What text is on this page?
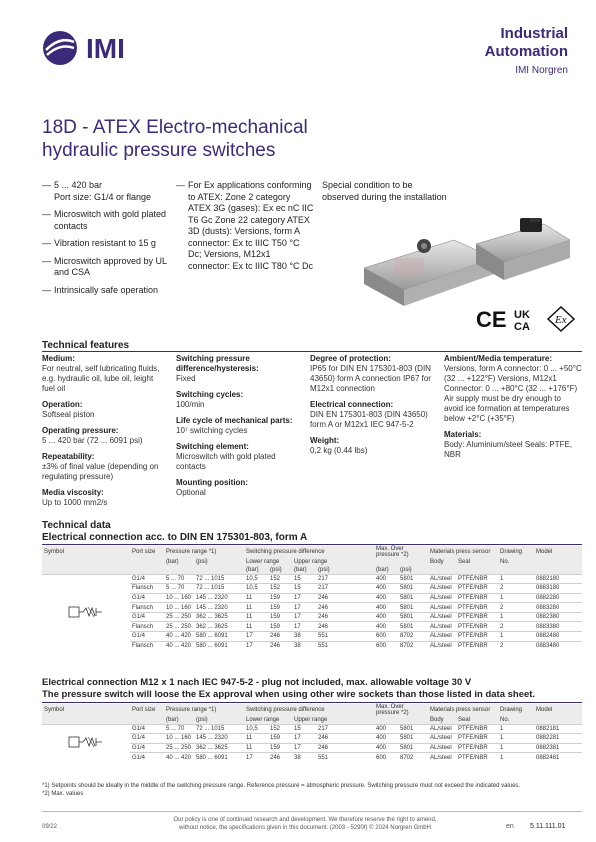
IMI	Industrial
Automation
IMI Norgren
18D - ATEX Electro-mechanical
hydraulic pressure switches
— 5 ... 420 bar
Port size: G1/4 or flange
— Microswitch with gold plated contacts
— Vibration resistant to 15 g
— Microswitch approved by UL and CSA
— Intrinsically safe operation
— For Ex applications conforming to ATEX: Zone 2 category ATEX 3G (gases): Ex ec nC IIC T6 Gc Zone 22 category ATEX 3D (dusts): Versions, form A connector: Ex tc IIIC T50 °C Dc; Versions, M12x1 connector: Ex tc IIIC T80 °C Dc
Special condition to be observed during the installation
CE UK
CA
Ex
Technical features

Medium:
For neutral, self lubricating fluids, e.g. hydraulic oil, lube oil, leight fuel oil

Operation:
Softseal piston

Operating pressure:
5 ... 420 bar (72 ... 6091 psi)

Repeatability:
±3% of final value (depending on regulating pressure)

Media viscosity:
Up to 1000 mm2/s

Switching pressure difference/hysteresis:
Fixed

Switching cycles:
100/min

Life cycle of mechanical parts:
10⁷ switching cycles

Switching element:
Microswitch with gold plated contacts

Mounting position:
Optional

Degree of protection:
IP65 for DIN EN 175301-803 (DIN 43650) form A connection IP67 for M12x1 connection

Electrical connection:
DIN EN 175301-803 (DIN 43650) form A or M12x1 IEC 947-5-2

Weight:
0,2 kg (0.44 lbs)

Ambient/Media temperature:
Versions, form A connector: 0 ... +50°C (32 ... +122°F) Versions, M12x1 Connector: 0 ... +80°C (32 ... +176°F) Air supply must be dry enough to avoid ice formation at temperatures below +2°C (+35°F)

Materials:
Body: Aluminium/steel Seals: PTFE, NBR

Technical data
Electrical connection acc. to DIN EN 175301-803, form A
Symbol	Port size	Pressure range *1)		Switching pressure difference				Max. Over pressure *2)		Materials press sensor		Drawing	Model
		(bar)	(psi)	Lower range		Upper range				Body	Seal	No.	
				(bar)	(psi)	(bar)	(psi)	(bar)	(psi)				
	G1/4	5 ... 70	72 ... 1015	10,5	152	15	217	400	5801	AL/steel	PTFE/NBR	1	0882180
	Flansch	5 ... 70	72 ... 1015	10,5	152	15	217	400	5801	AL/steel	PTFE/NBR	2	0883180
	G1/4	10 ... 160	145 ... 2320	11	159	17	246	400	5801	AL/steel	PTFE/NBR	1	0882280
	Flansch	10 ... 160	145 ... 2320	11	159	17	246	400	5801	AL/steel	PTFE/NBR	2	0883280
	G1/4	25 ... 250	362 ... 3625	11	159	17	246	400	5801	AL/steel	PTFE/NBR	1	0882380
	Flansch	25 ... 250	362 ... 3625	11	159	17	246	400	5801	AL/steel	PTFE/NBR	2	0883380
	G1/4	40 ... 420	580 ... 6091	17	246	38	551	600	8702	AL/steel	PTFE/NBR	1	0882480
	Flansch	40 ... 420	580 ... 6091	17	246	38	551	600	8702	AL/steel	PTFE/NBR	2	0883480
Electrical connection M12 x 1 nach IEC 947-5-2 - plug not included, max. allowable voltage 30 V
The pressure switch will loose the Ex approval when using other wire sockets than those listed in data sheet.
Symbol	Port size	Pressure range *1)		Switching pressure difference				Max. Over pressure *2)		Materials press sensor		Drawing	Model
		(bar)	(psi)	Lower range		Upper range				Body	Seal	No.	
	G1/4	5 ... 70	72 ... 1015	10,5	152	15	217	400	5801	AL/steel	PTFE/NBR	1	0882181
	G1/4	10 ... 160	145 ... 2320	11	159	17	246	400	5801	AL/steel	PTFE/NBR	1	0882281
	G1/4	25 ... 250	362 ... 3625	11	159	17	246	400	5801	AL/steel	PTFE/NBR	1	0882381
	G1/4	40 ... 420	580 ... 6091	17	246	38	551	600	8702	AL/steel	PTFE/NBR	1	0882481
*1) Setpoints should be ideally in the middle of the switching pressure range. Reference pressure = atmospheric pressure. Switching pressure must not exceed the indicated values.
*2) Max. values
09/22
Our policy is one of continued research and development. We therefore reserve the right to amend,
without notice, the specifications given in this document. (2003 - 5290f) © 2024 Norgren GmbH	en 5.11.111.01
